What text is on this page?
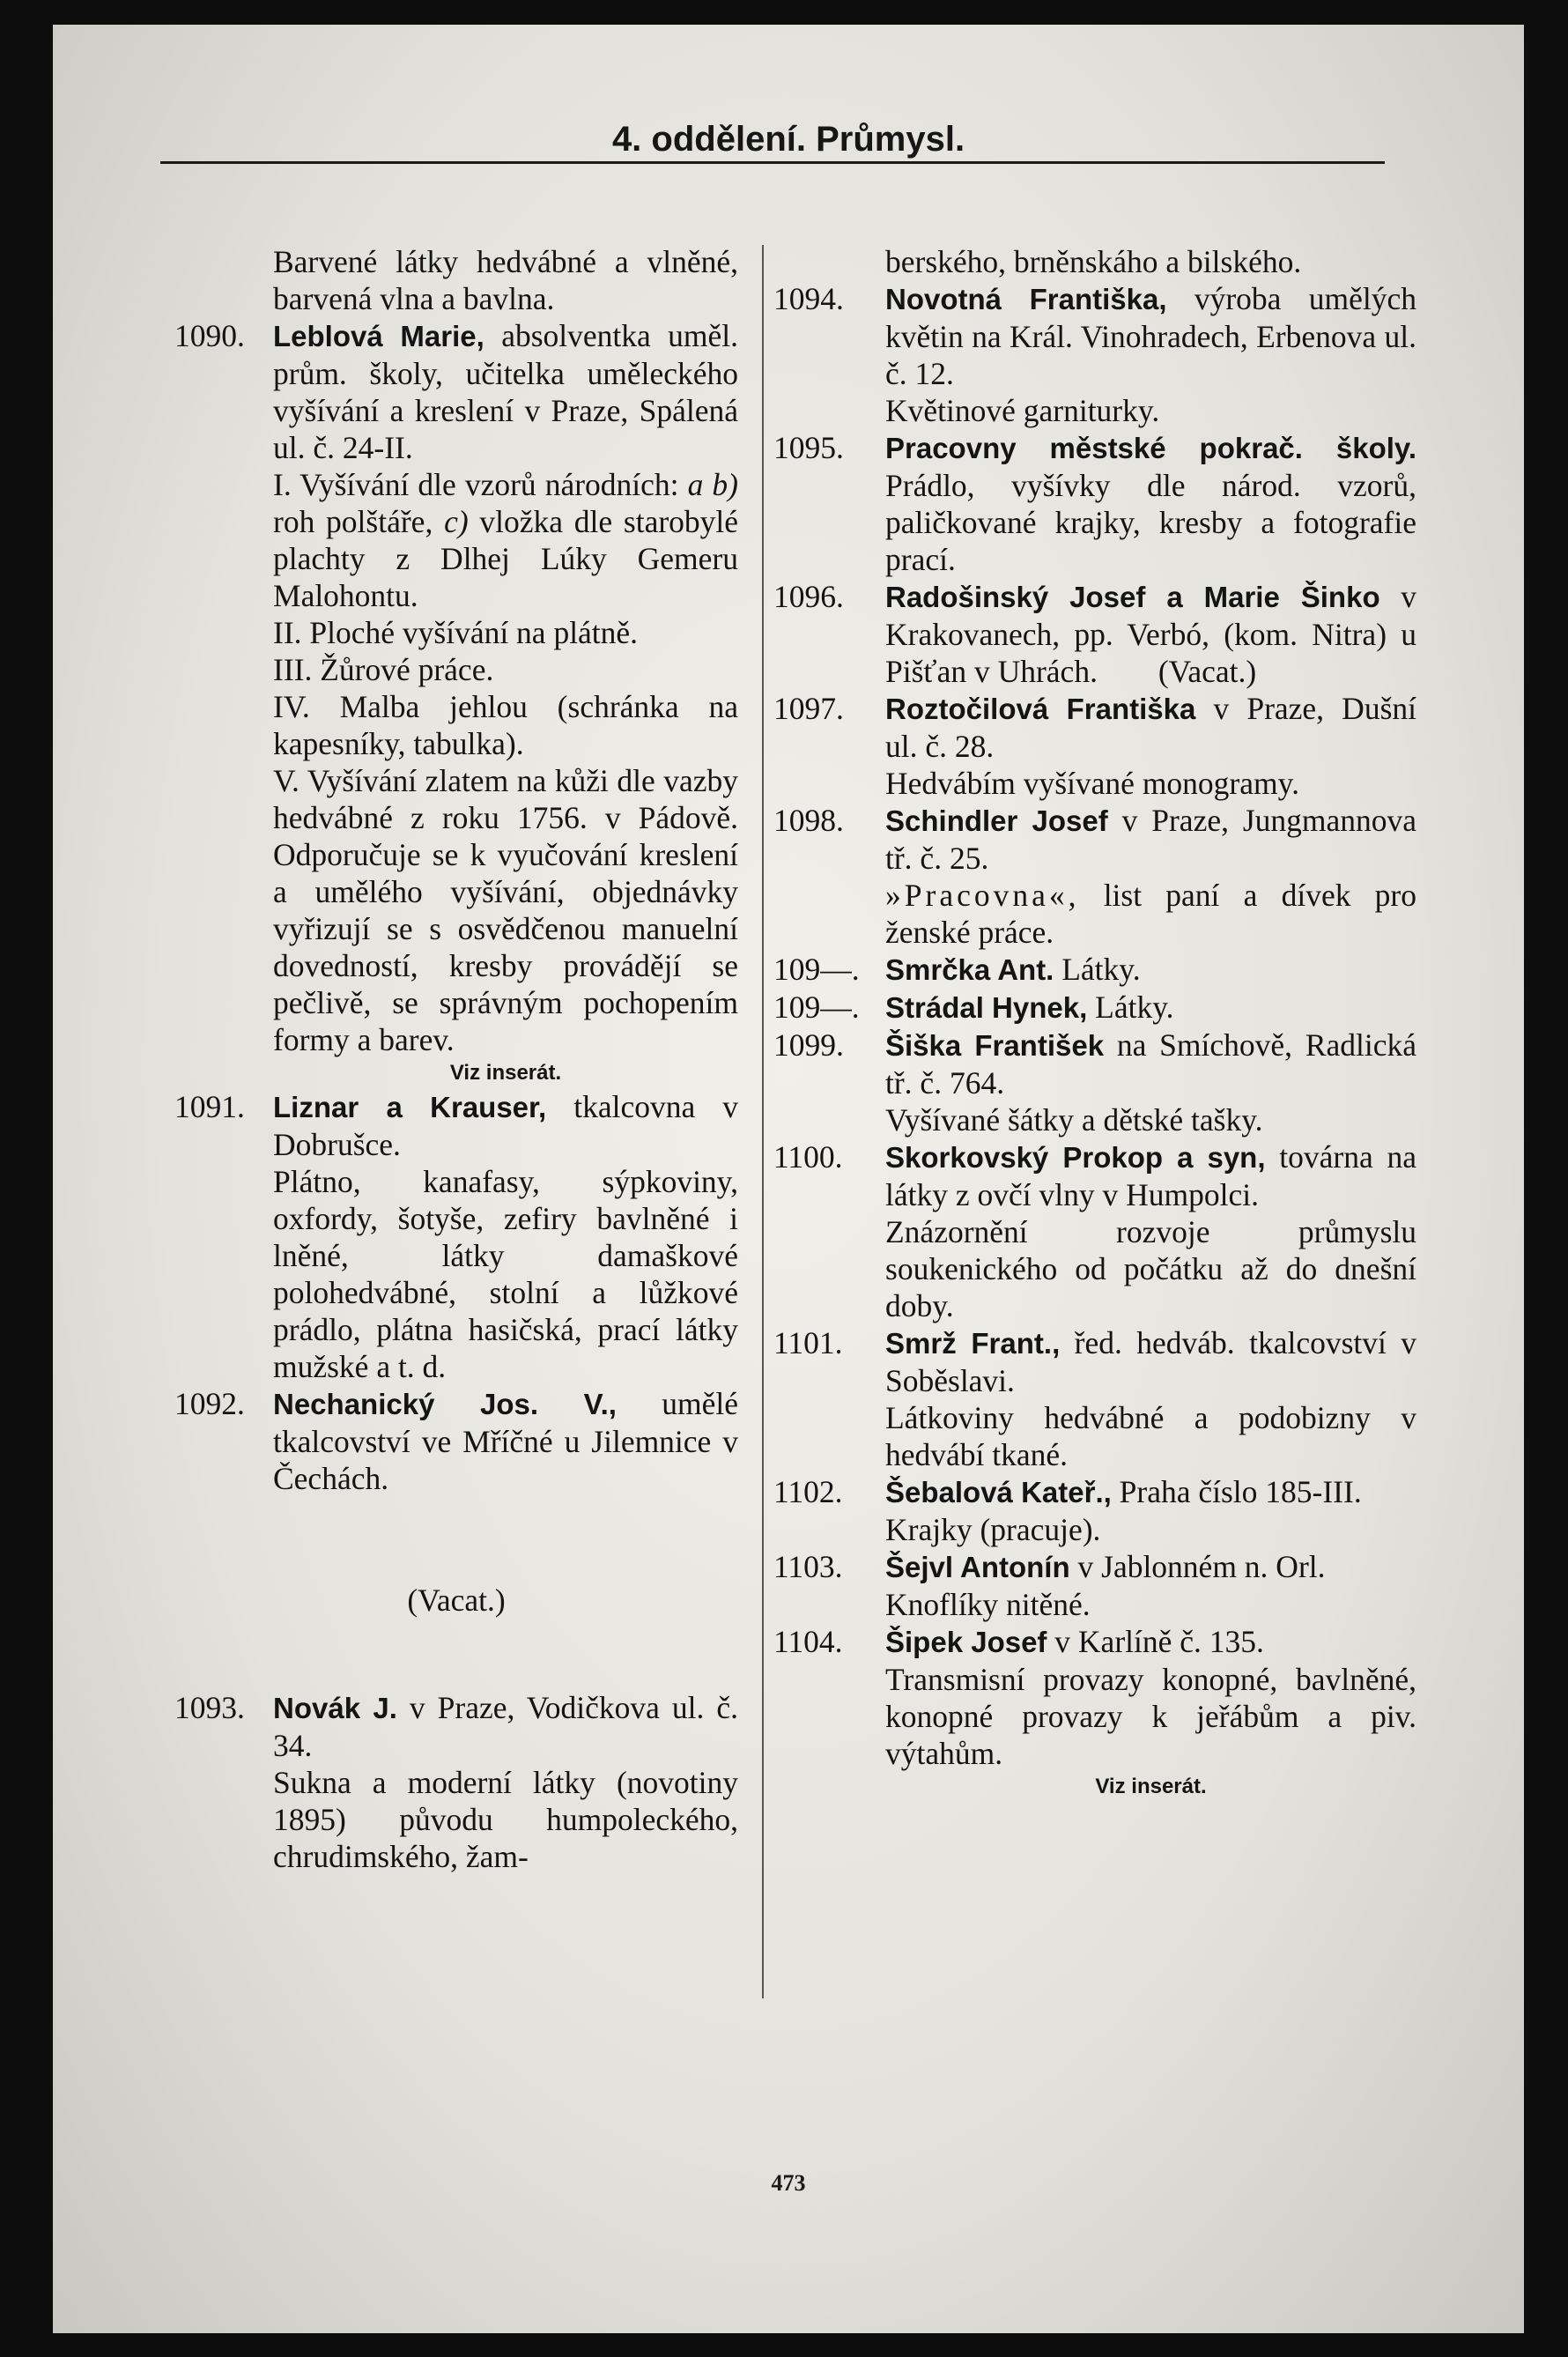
4. oddělení. Průmysl.
Barvené látky hedvábné a vlněné, barvená vlna a bavlna.
1090. Leblová Marie, absolventka uměl. prům. školy, učitelka uměleckého vyšívání a kreslení v Praze, Spálená ul. č. 24-II.
I. Vyšívání dle vzorů národních: a b) roh polštáře, c) vložka dle starobylé plachty z Dlhej Lúky Gemeru Malohontu.
II. Ploché vyšívání na plátně.
III. Žůrové práce.
IV. Malba jehlou (schránka na kapesníky, tabulka).
V. Vyšívání zlatem na kůži dle vazby hedvábné z roku 1756. v Pádově. Odporučuje se k vyučování kreslení a umělého vyšívání, objednávky vyřizují se s osvědčenou manuelní dovedností, kresby provádějí se pečlivě, se správným pochopením formy a barev.
Viz inserát.
1091. Liznar a Krauser, tkalcovna v Dobrušce.
Plátno, kanafasy, sýpkoviny, oxfordy, šotyše, zefiry bavlněné i lněné, látky damaškové polohedvábné, stolní a lůžkové prádlo, plátna hasičská, prací látky mužské a t. d.
1092. Nechanický Jos. V., umělé tkalcovství ve Mříčné u Jilemnice v Čechách.
(Vacat.)
1093. Novák J. v Praze, Vodičkova ul. č. 34.
Sukna a moderní látky (novotiny 1895) původu humpoleckého, chrudimského, žam-
berského, brněnskáho a bilského.
1094.	Novotná Františka, výroba umělých květin na Král. Vinohradech, Erbenova ul. č. 12.
Květinové garniturky.
1095.	Pracovny městské pokrač. školy. Prádlo, vyšívky dle národ. vzorů, paličkované krajky, kresby a fotografie prací.
1096.	Radošinský Josef a Marie Šinko v Krakovanech, pp. Verbó, (kom. Nitra) u Pišťan v Uhrách. (Vacat.)
1097.	Roztočilová Františka v Praze, Dušní ul. č. 28.
Hedvábím vyšívané monogramy.
1098.	Schindler Josef v Praze, Jungmannova tř. č. 25.
»Pracovna«, list paní a dívek pro ženské práce.
109—. Smrčka Ant. Látky.
109—. Strádal Hynek, Látky.
1099.	Šiška František na Smíchově, Radlická tř. č. 764.
Vyšívané šátky a dětské tašky.
1100.	Skorkovský Prokop a syn, továrna na látky z ovčí vlny v Humpolci.
Znázornění rozvoje průmyslu soukenického od počátku až do dnešní doby.
1101.	Smrž Frant., řed. hedváb. tkalcovství v Soběslavi.
Látkoviny hedvábné a podobizny v hedvábí tkané.
1102.	Šebalová Kateř., Praha číslo 185-III.
Krajky (pracuje).
1103.	Šejvl Antonín v Jablonném n. Orl.
Knoflíky nitěné.
1104.	Šipek Josef v Karlíně č. 135.
Transmisní provazy konopné, bavlněné, konopné provazy k jeřábům a piv. výtahům.
Viz inserát.
473
